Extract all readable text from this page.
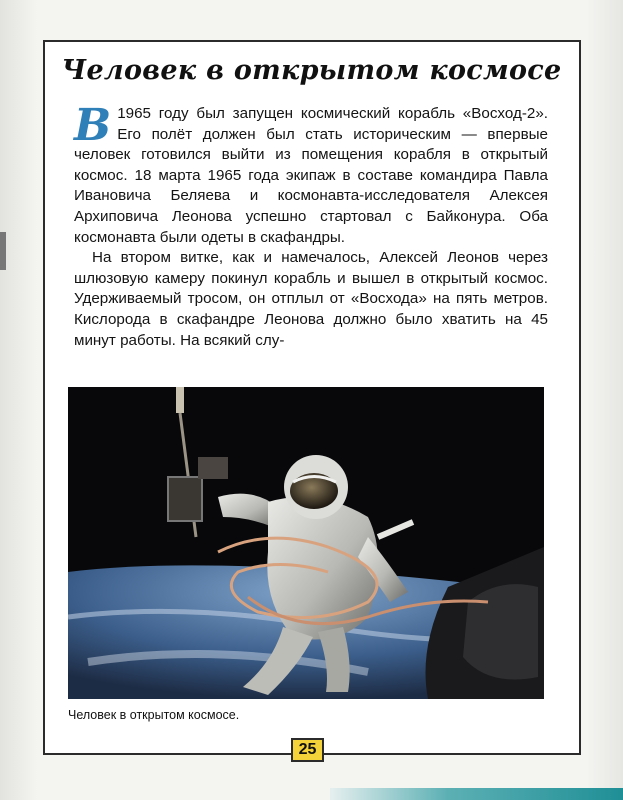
Человек в открытом космосе

В 1965 году был запущен космический корабль «Восход-2». Его полёт должен был стать историческим — впервые человек готовился выйти из помещения корабля в открытый космос. 18 марта 1965 года экипаж в составе командира Павла Ивановича Беляева и космонавта-исследователя Алексея Архиповича Леонова успешно стартовал с Байконура. Оба космонавта были одеты в скафандры.

На втором витке, как и намечалось, Алексей Леонов через шлюзовую камеру покинул корабль и вышел в открытый космос. Удерживаемый тросом, он отплыл от «Восхода» на пять метров. Кислорода в скафандре Леонова должно было хватить на 45 минут работы. На всякий слу-

Человек в открытом космосе.
25
